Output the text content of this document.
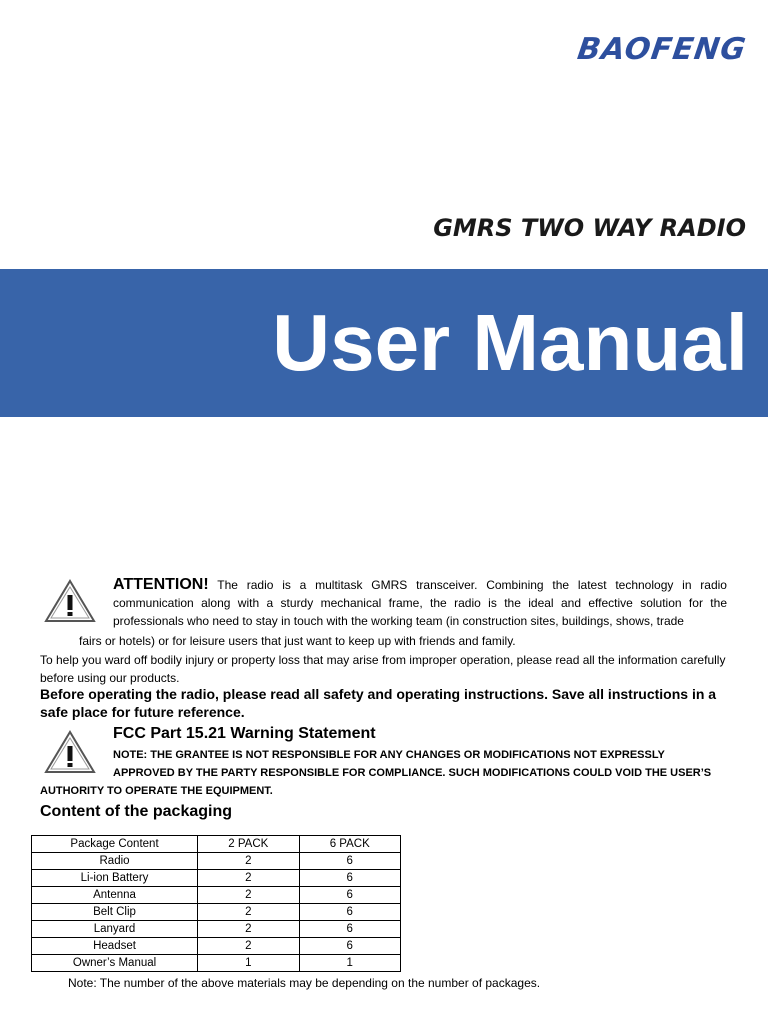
BAOFENG
GMRS TWO WAY RADIO
User Manual
ATTENTION! The radio is a multitask GMRS transceiver. Combining the latest technology in radio communication along with a sturdy mechanical frame, the radio is the ideal and effective solution for the professionals who need to stay in touch with the working team (in construction sites, buildings, shows, trade
fairs or hotels) or for leisure users that just want to keep up with friends and family.
To help you ward off bodily injury or property loss that may arise from improper operation, please read all the information carefully before using our products.
Before operating the radio, please read all safety and operating instructions. Save all instructions in a safe place for future reference.
FCC Part 15.21 Warning Statement
NOTE: THE GRANTEE IS NOT RESPONSIBLE FOR ANY CHANGES OR MODIFICATIONS NOT EXPRESSLY APPROVED BY THE PARTY RESPONSIBLE FOR COMPLIANCE. SUCH MODIFICATIONS COULD VOID THE USER’S
AUTHORITY TO OPERATE THE EQUIPMENT.
Content of the packaging
Package Content	2 PACK	6 PACK
Radio	2	6
Li-ion Battery	2	6
Antenna	2	6
Belt Clip	2	6
Lanyard	2	6
Headset	2	6
Owner’s Manual	1	1
Note: The number of the above materials may be depending on the number of packages.
